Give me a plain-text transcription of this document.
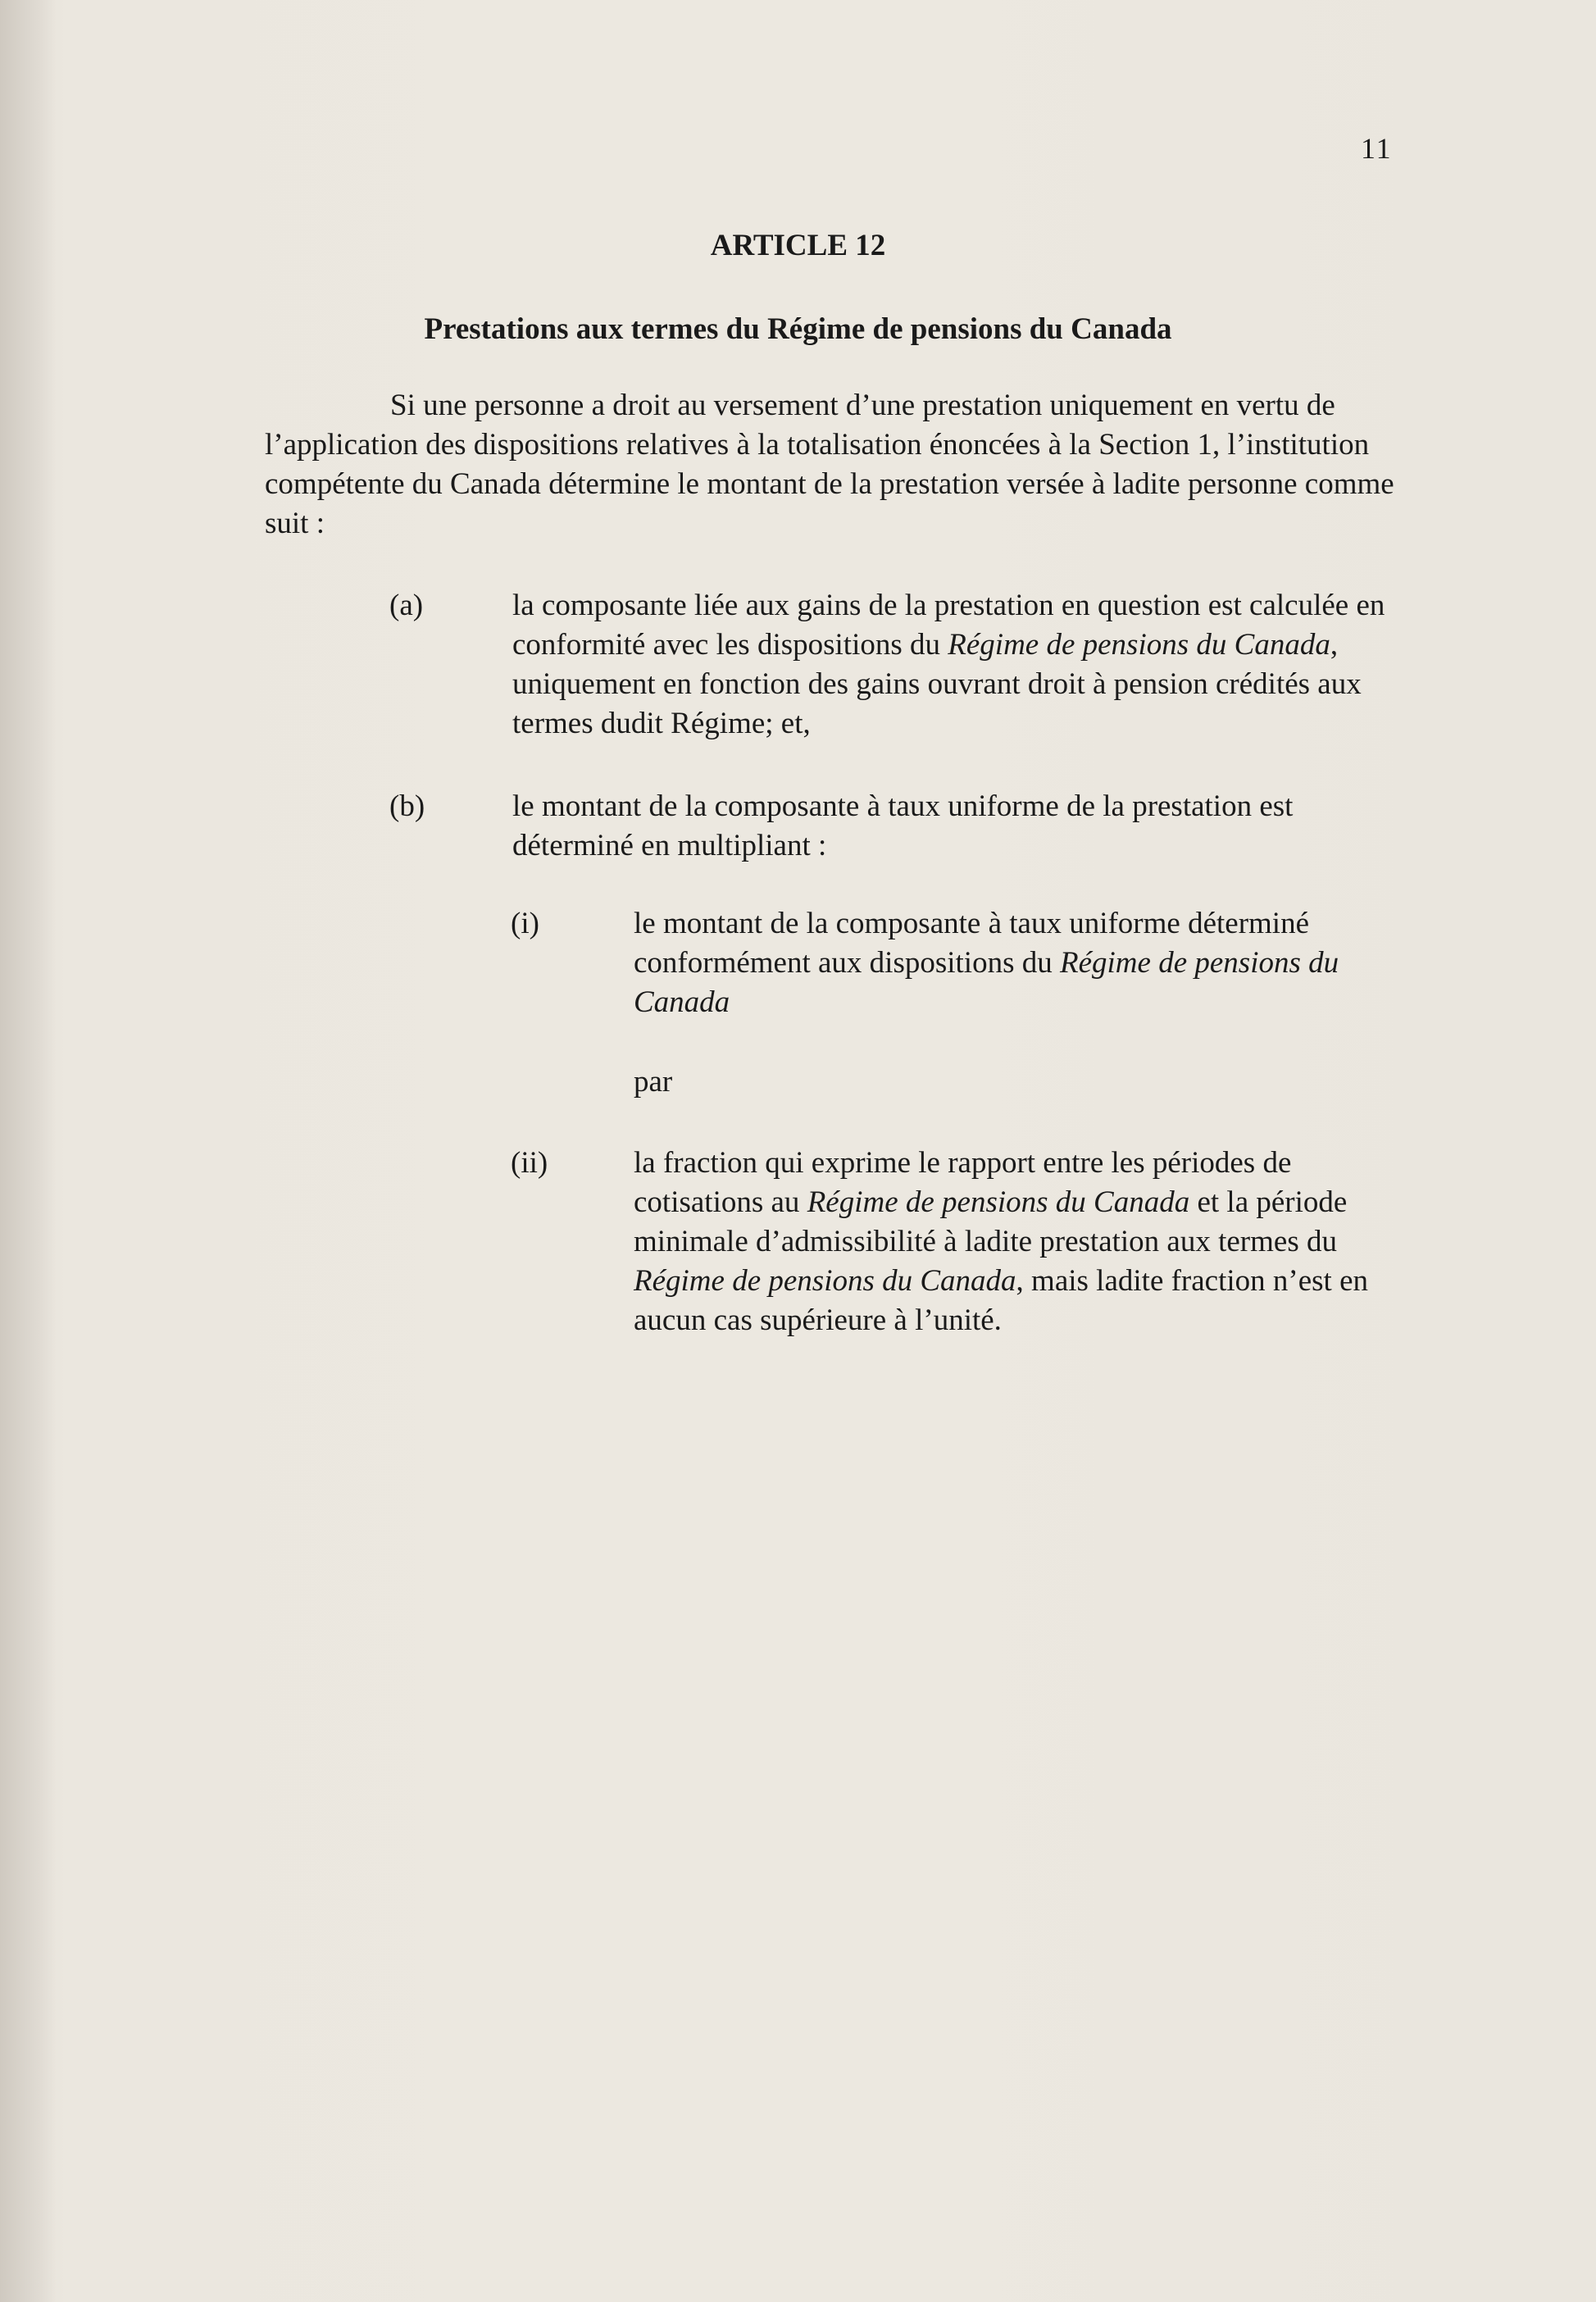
11
ARTICLE 12
Prestations aux termes du Régime de pensions du Canada
Si une personne a droit au versement d’une prestation uniquement en vertu de l’application des dispositions relatives à la totalisation énoncées à la Section 1, l’institution compétente du Canada détermine le montant de la prestation versée à ladite personne comme suit :
(a)	la composante liée aux gains de la prestation en question est calculée en conformité avec les dispositions du Régime de pensions du Canada, uniquement en fonction des gains ouvrant droit à pension crédités aux termes dudit Régime; et,
(b)	le montant de la composante à taux uniforme de la prestation est déterminé en multipliant :
(i)	le montant de la composante à taux uniforme déterminé conformément aux dispositions du Régime de pensions du Canada
par
(ii)	la fraction qui exprime le rapport entre les périodes de cotisations au Régime de pensions du Canada et la période minimale d’admissibilité à ladite prestation aux termes du Régime de pensions du Canada, mais ladite fraction n’est en aucun cas supérieure à l’unité.
